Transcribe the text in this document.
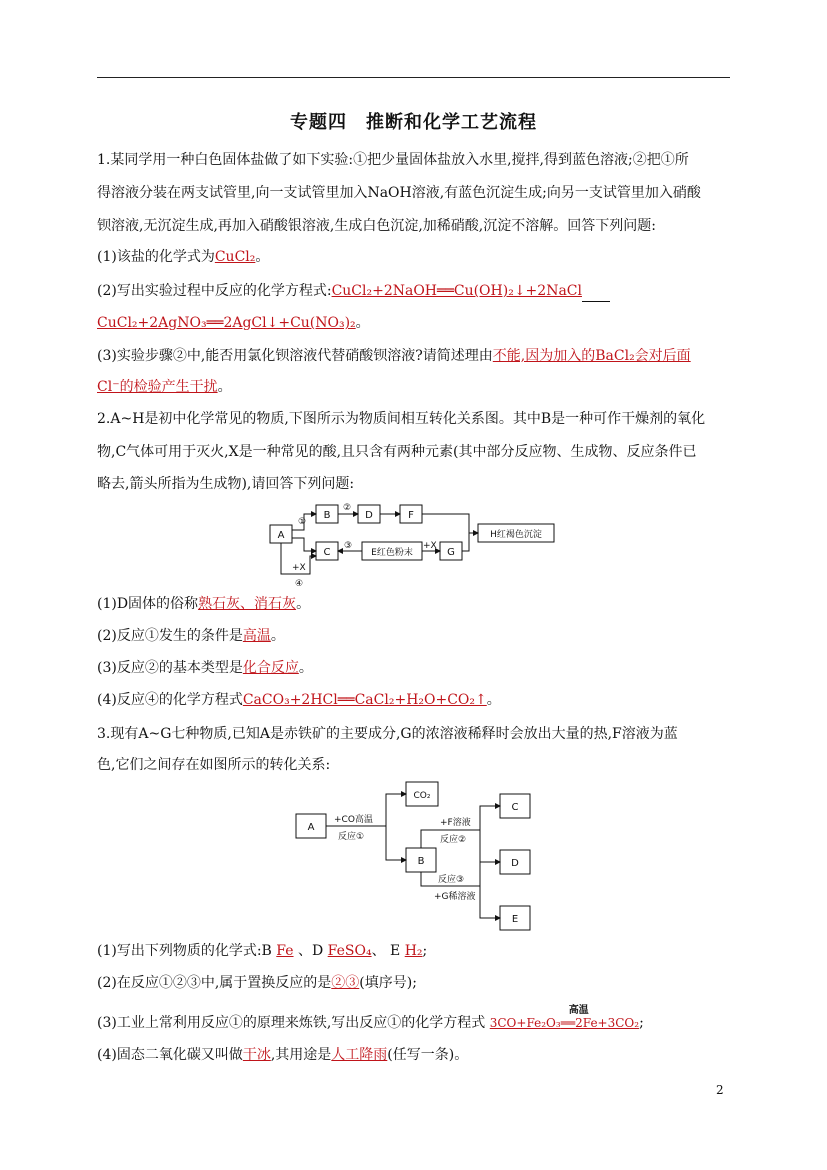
专题四　推断和化学工艺流程
1.某同学用一种白色固体盐做了如下实验:①把少量固体盐放入水里,搅拌,得到蓝色溶液;②把①所
得溶液分装在两支试管里,向一支试管里加入NaOH溶液,有蓝色沉淀生成;向另一支试管里加入硝酸
钡溶液,无沉淀生成,再加入硝酸银溶液,生成白色沉淀,加稀硝酸,沉淀不溶解。回答下列问题:
(1)该盐的化学式为CuCl₂。
(2)写出实验过程中反应的化学方程式:CuCl₂+2NaOH══Cu(OH)₂↓+2NaCl
CuCl₂+2AgNO₃══2AgCl↓+Cu(NO₃)₂。
(3)实验步骤②中,能否用氯化钡溶液代替硝酸钡溶液?请简述理由不能,因为加入的BaCl₂会对后面
Cl⁻的检验产生干扰。
2.A~H是初中化学常见的物质,下图所示为物质间相互转化关系图。其中B是一种可作干燥剂的氧化
物,C气体可用于灭火,X是一种常见的酸,且只含有两种元素(其中部分反应物、生成物、反应条件已
略去,箭头所指为生成物),请回答下列问题:
A
B	D	F
C	E红色粉末	G
H红褐色沉淀
①
②
③	+X
+X
④
(1)D固体的俗称熟石灰、消石灰。
(2)反应①发生的条件是高温。
(3)反应②的基本类型是化合反应。
(4)反应④的化学方程式CaCO₃+2HCl══CaCl₂+H₂O+CO₂↑。
3.现有A~G七种物质,已知A是赤铁矿的主要成分,G的浓溶液稀释时会放出大量的热,F溶液为蓝
色,它们之间存在如图所示的转化关系:
A
CO₂
B
C
D
E
+CO高温
反应①
+F溶液
反应②
反应③
+G稀溶液
(1)写出下列物质的化学式:B Fe 、D FeSO₄、 E H₂;
(2)在反应①②③中,属于置换反应的是②③(填序号);
(3)工业上常利用反应①的原理来炼铁,写出反应①的化学方程式 3CO+Fe₂O₃
高温
══2Fe+3CO₂;
(4)固态二氧化碳又叫做干冰,其用途是人工降雨(任写一条)。
2
